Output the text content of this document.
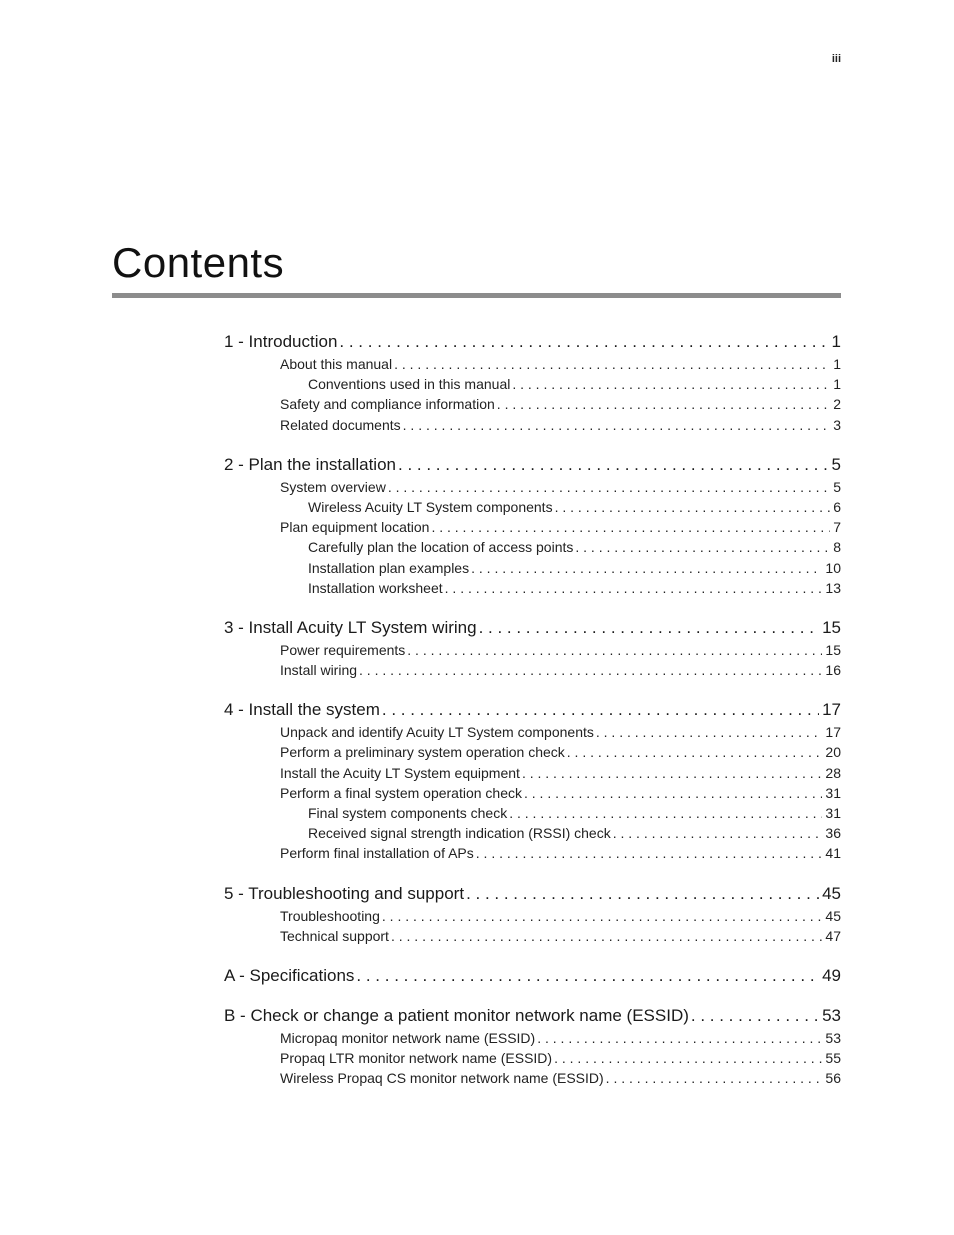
iii
Contents
1 - Introduction . . .	1
About this manual . . .	1
Conventions used in this manual . . .	1
Safety and compliance information . . .	2
Related documents . . .	3
2 - Plan the installation . . .	5
System overview . . .	5
Wireless Acuity LT System components . . .	6
Plan equipment location . . .	7
Carefully plan the location of access points . . .	8
Installation plan examples . . .	10
Installation worksheet . . .	13
3 - Install Acuity LT System wiring . . .	15
Power requirements . . .	15
Install wiring . . .	16
4 - Install the system . . .	17
Unpack and identify Acuity LT System components . . .	17
Perform a preliminary system operation check . . .	20
Install the Acuity LT System equipment . . .	28
Perform a final system operation check . . .	31
Final system components check . . .	31
Received signal strength indication (RSSI) check . . .	36
Perform final installation of APs . . .	41
5 - Troubleshooting and support . . .	45
Troubleshooting . . .	45
Technical support . . .	47
A - Specifications . . .	49
B - Check or change a patient monitor network name (ESSID) . . .	53
Micropaq monitor network name (ESSID) . . .	53
Propaq LTR monitor network name (ESSID) . . .	55
Wireless Propaq CS monitor network name (ESSID) . . .	56
